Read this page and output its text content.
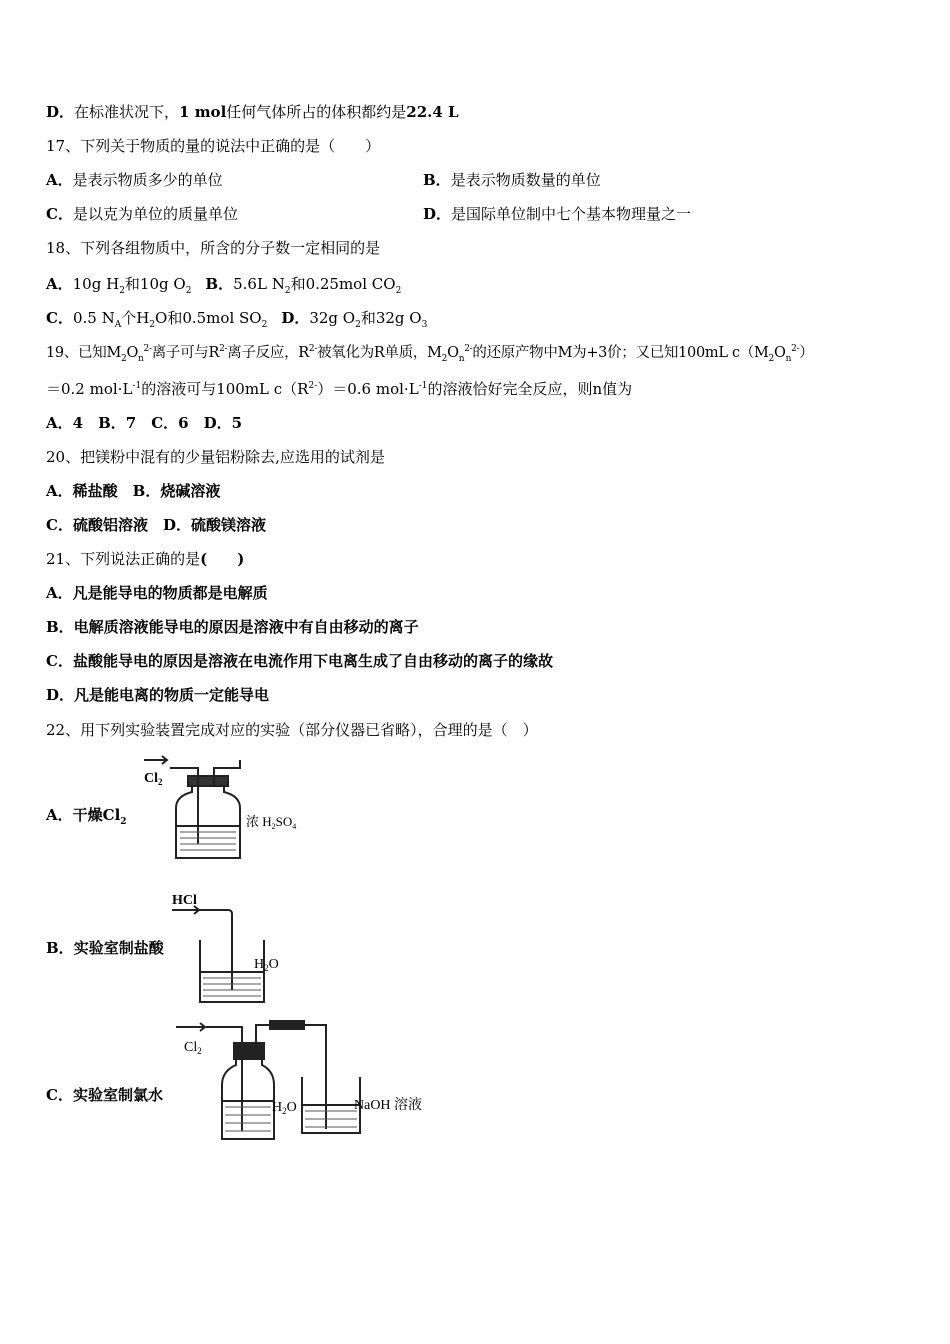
D．在标准状况下，1 mol任何气体所占的体积都约是22.4 L
17、下列关于物质的量的说法中正确的是（　　）
A．是表示物质多少的单位	B．是表示物质数量的单位
C．是以克为单位的质量单位	D．是国际单位制中七个基本物理量之一
18、下列各组物质中，所含的分子数一定相同的是
A．10g $H_2$和10g $O_2$ B．5.6L $N_2$和0.25mol $CO_2$
C．0.5 $N_A$个$H_2O$和0.5mol $SO_2$ D．32g $O_2$和32g $O_3$
19、已知$M_2O_n^{2-}$离子可与$R^{2-}$离子反应，$R^{2-}$被氧化为R单质，$M_2O_n^{2-}$的还原产物中M为+3价；又已知100mL $c(M_2O_n^{2-})$
＝0.2 $mol\cdot L^{-1}$的溶液可与100mL $c(R^{2-})=0.6$ $mol\cdot L^{-1}$的溶液恰好完全反应，则n值为
A．4　B．7　C．6　D．5
20、把镁粉中混有的少量铝粉除去,应选用的试剂是
A．稀盐酸　B．烧碱溶液
C．硫酸铝溶液　D．硫酸镁溶液
21、下列说法正确的是(　　)
A．凡是能导电的物质都是电解质
B．电解质溶液能导电的原因是溶液中有自由移动的离子
C．盐酸能导电的原因是溶液在电流作用下电离生成了自由移动的离子的缘故
D．凡是能电离的物质一定能导电
22、用下列实验装置完成对应的实验（部分仪器已省略），合理的是（　）
A．干燥$Cl_2$
$Cl_2$
浓 $H_2SO_4$
B．实验室制盐酸
HCl
$H_2O$
C．实验室制氯水
$Cl_2$
$H_2O$	NaOH 溶液
